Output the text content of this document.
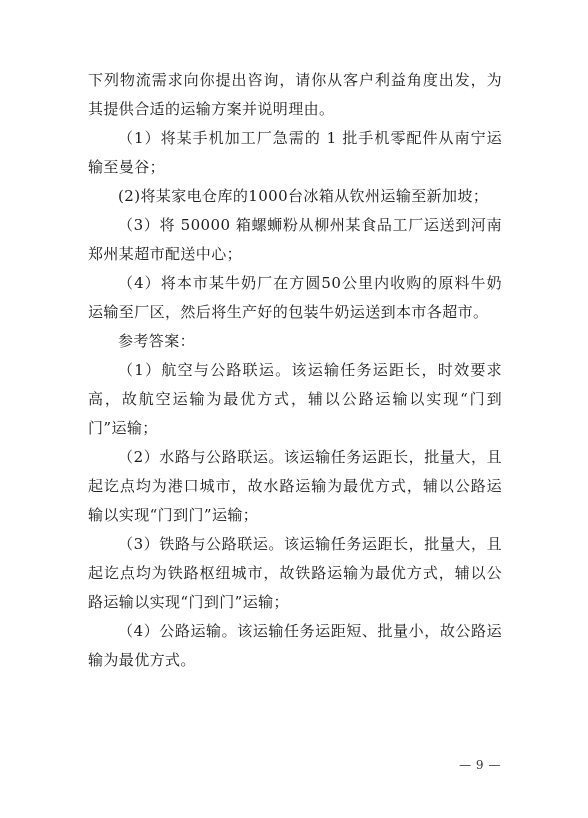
下列物流需求向你提出咨询，请你从客户利益角度出发，为其提供合适的运输方案并说明理由。

（1）将某手机加工厂急需的 1 批手机零配件从南宁运输至曼谷；

(2)将某家电仓库的1000台冰箱从钦州运输至新加坡；

（3）将 50000 箱螺蛳粉从柳州某食品工厂运送到河南郑州某超市配送中心；

（4）将本市某牛奶厂在方圆50公里内收购的原料牛奶运输至厂区，然后将生产好的包装牛奶运送到本市各超市。

参考答案：

（1）航空与公路联运。该运输任务运距长，时效要求高，故航空运输为最优方式，辅以公路运输以实现“门到门”运输；

（2）水路与公路联运。该运输任务运距长，批量大，且起讫点均为港口城市，故水路运输为最优方式，辅以公路运输以实现“门到门”运输；

（3）铁路与公路联运。该运输任务运距长，批量大，且起讫点均为铁路枢纽城市，故铁路运输为最优方式，辅以公路运输以实现“门到门”运输；

（4）公路运输。该运输任务运距短、批量小，故公路运输为最优方式。

— 9 —
